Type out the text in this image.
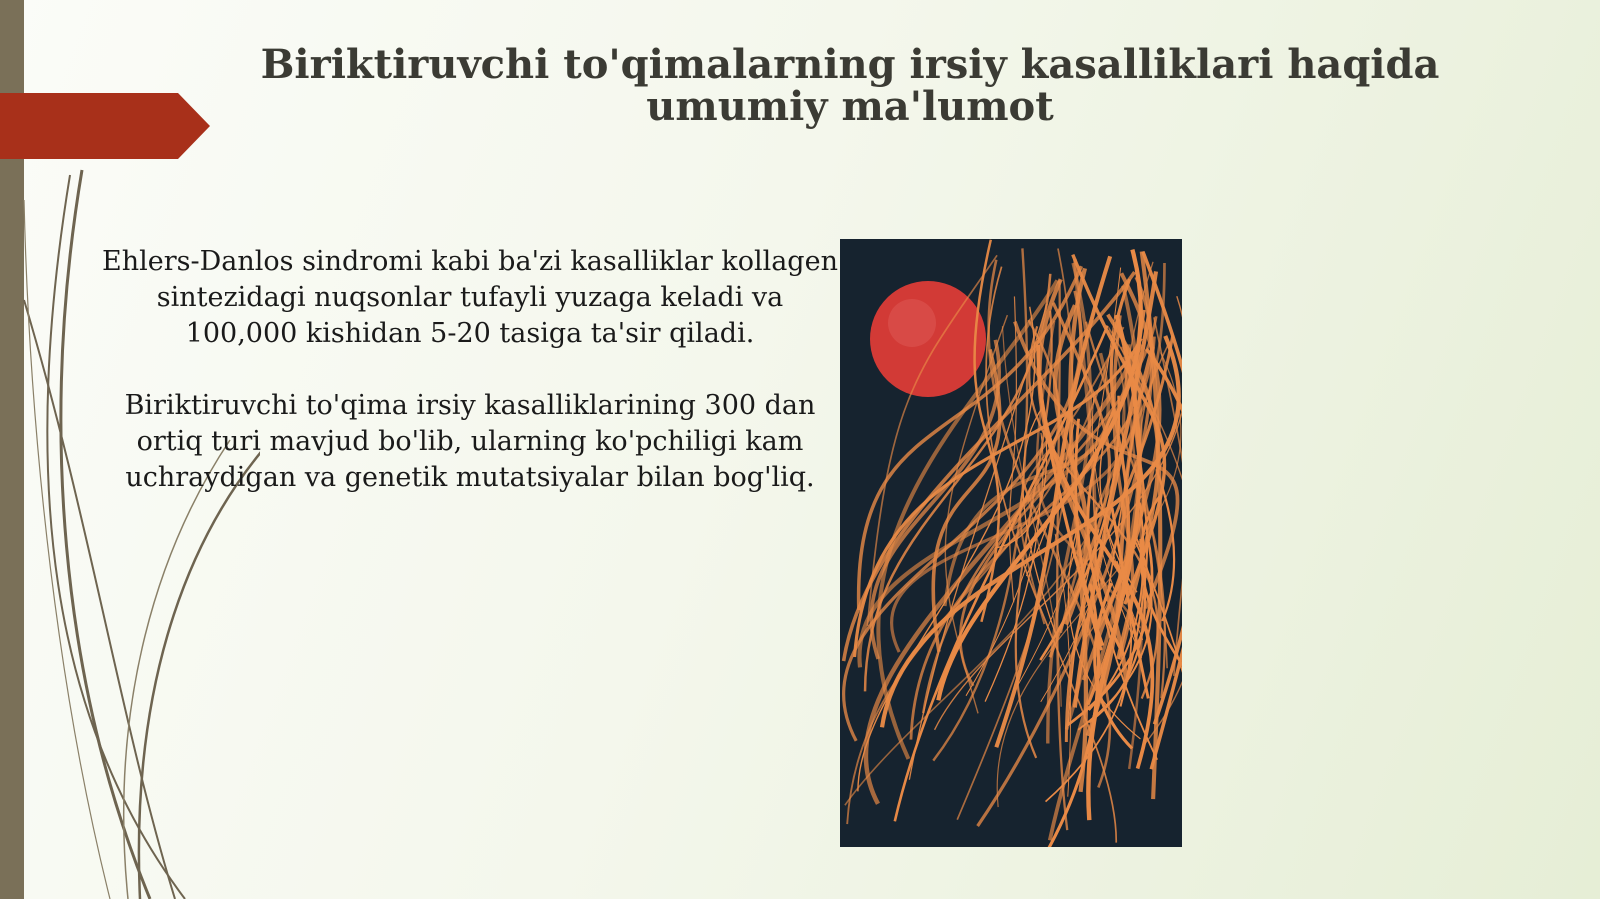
Biriktiruvchi to'qimalarning irsiy kasalliklari haqida umumiy ma'lumot

Ehlers-Danlos sindromi kabi ba'zi kasalliklar kollagen sintezidagi nuqsonlar tufayli yuzaga keladi va 100,000 kishidan 5-20 tasiga ta'sir qiladi.

Biriktiruvchi to'qima irsiy kasalliklarining 300 dan ortiq turi mavjud bo'lib, ularning ko'pchiligi kam uchraydigan va genetik mutatsiyalar bilan bog'liq.
